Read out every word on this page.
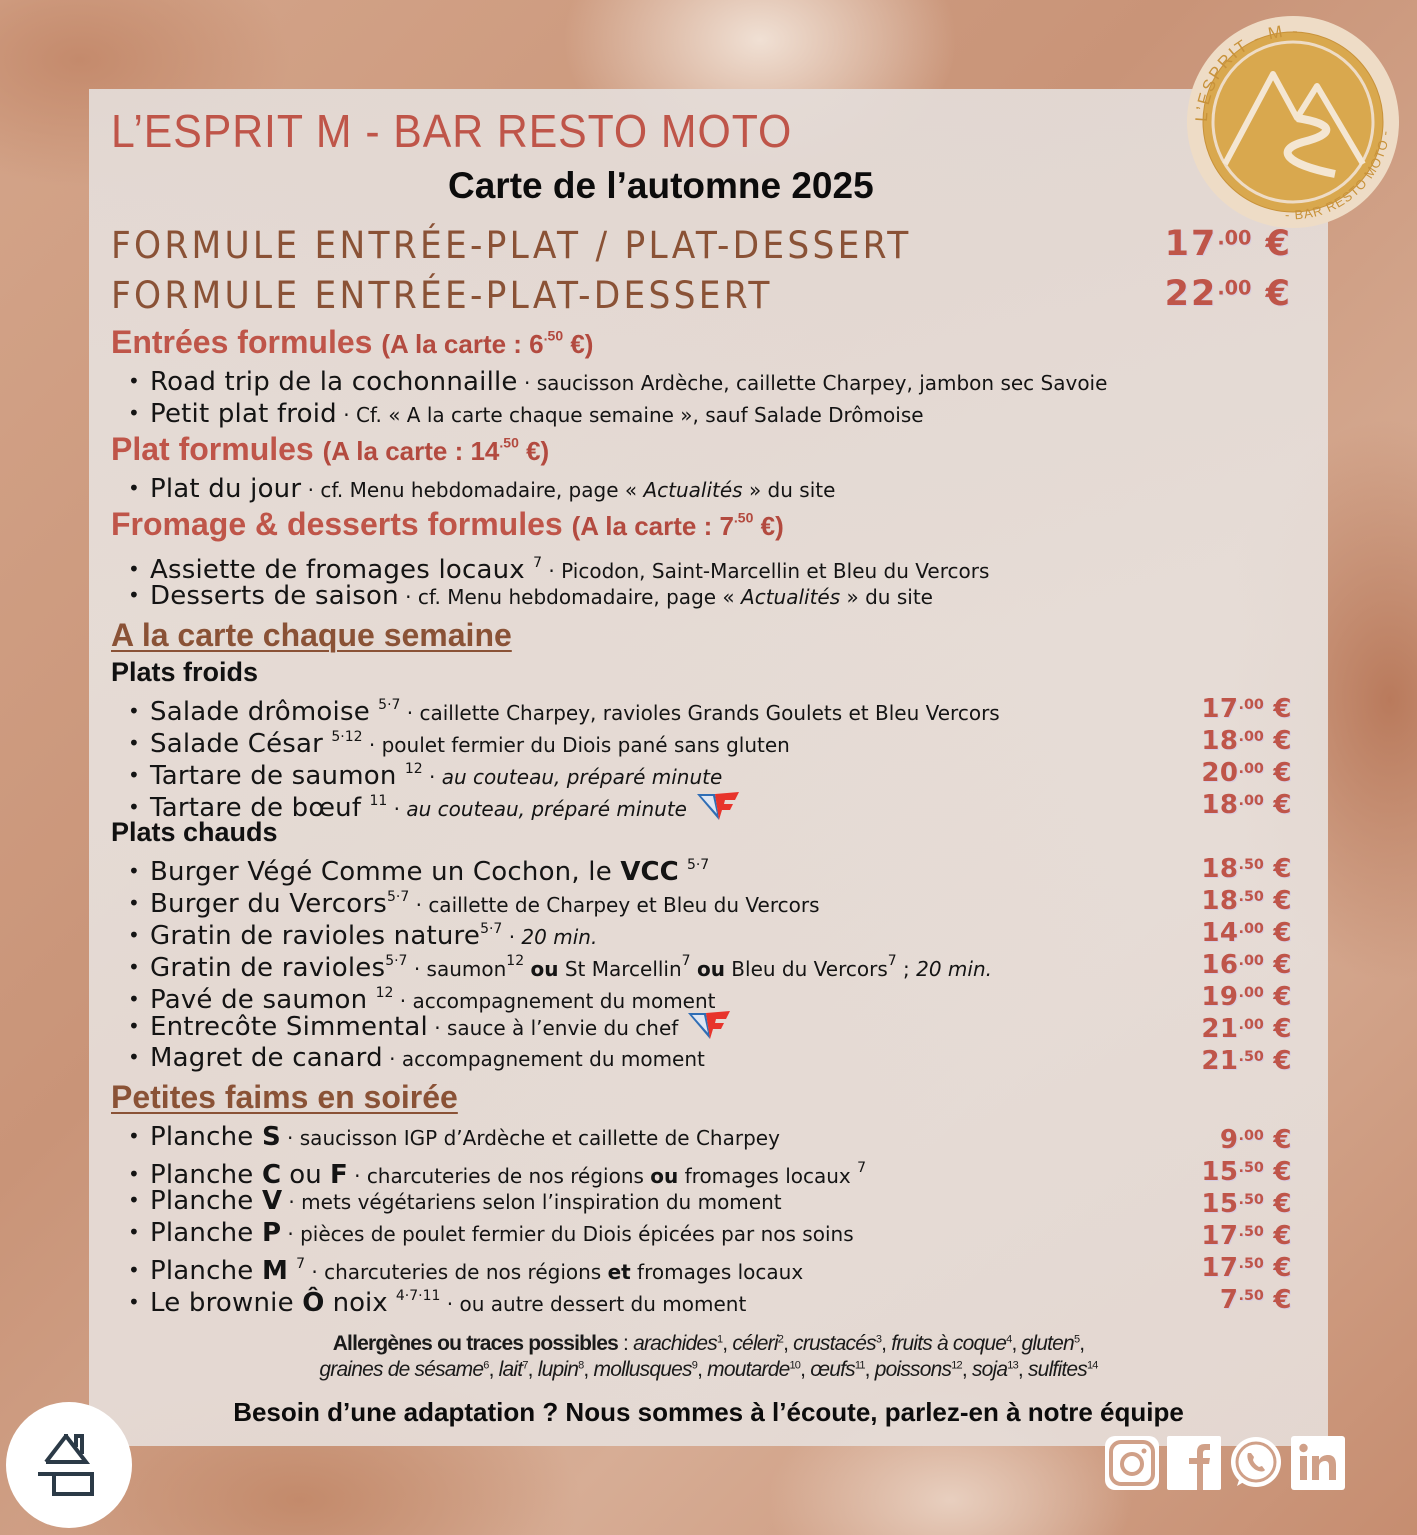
L’ESPRIT - M -
- BAR RESTO MOTO -
L’ESPRIT M - BAR RESTO MOTO
Carte de l’automne 2025
FORMULE ENTRÉE-PLAT / PLAT-DESSERT	$17^{.00}$ €
FORMULE ENTRÉE-PLAT-DESSERT	$22^{.00}$ €
Entrées formules (A la carte : $6^{.50}$ €)
• Road trip de la cochonnaille · saucisson Ardèche, caillette Charpey, jambon sec Savoie
• Petit plat froid · Cf. « A la carte chaque semaine », sauf Salade Drômoise
Plat formules (A la carte : $14^{.50}$ €)
• Plat du jour · cf. Menu hebdomadaire, page « Actualités » du site
Fromage & desserts formules (A la carte : $7^{.50}$ €)
• Assiette de fromages locaux $^7$ · Picodon, Saint-Marcellin et Bleu du Vercors
• Desserts de saison · cf. Menu hebdomadaire, page « Actualités » du site
A la carte chaque semaine
Plats froids
• Salade drômoise $^{5\cdot 7}$ · caillette Charpey, ravioles Grands Goulets et Bleu Vercors	$17^{.00}$ €
• Salade César $^{5\cdot 12}$ · poulet fermier du Diois pané sans gluten	$18^{.00}$ €
• Tartare de saumon $^{12}$ · au couteau, préparé minute	$20^{.00}$ €
• Tartare de bœuf $^{11}$ · au couteau, préparé minute	$18^{.00}$ €
Plats chauds
• Burger Végé Comme un Cochon, le VCC $^{5\cdot 7}$	$18^{.50}$ €
• Burger du Vercors$^{5\cdot 7}$ · caillette de Charpey et Bleu du Vercors	$18^{.50}$ €
• Gratin de ravioles nature$^{5\cdot 7}$ · 20 min.	$14^{.00}$ €
• Gratin de ravioles$^{5\cdot 7}$ · saumon$^{12}$ ou St Marcellin$^7$ ou Bleu du Vercors$^7$ ; 20 min.	$16^{.00}$ €
• Pavé de saumon $^{12}$ · accompagnement du moment	$19^{.00}$ €
• Entrecôte Simmental · sauce à l’envie du chef	$21^{.00}$ €
• Magret de canard · accompagnement du moment	$21^{.50}$ €
Petites faims en soirée
• Planche S · saucisson IGP d’Ardèche et caillette de Charpey	$9^{.00}$ €
• Planche C ou F · charcuteries de nos régions ou fromages locaux $^7$	$15^{.50}$ €
• Planche V · mets végétariens selon l’inspiration du moment	$15^{.50}$ €
• Planche P · pièces de poulet fermier du Diois épicées par nos soins	$17^{.50}$ €
• Planche M $^7$ · charcuteries de nos régions et fromages locaux	$17^{.50}$ €
• Le brownie Ô noix $^{4\cdot 7\cdot 11}$ · ou autre dessert du moment	$7^{.50}$ €
Allergènes ou traces possibles : arachides$^1$, céleri$^2$, crustacés$^3$, fruits à coque$^4$, gluten$^5$,
graines de sésame$^6$, lait$^7$, lupin$^8$, mollusques$^9$, moutarde$^{10}$, œufs$^{11}$, poissons$^{12}$, soja$^{13}$, sulfites$^{14}$
Besoin d’une adaptation ? Nous sommes à l’écoute, parlez-en à notre équipe
